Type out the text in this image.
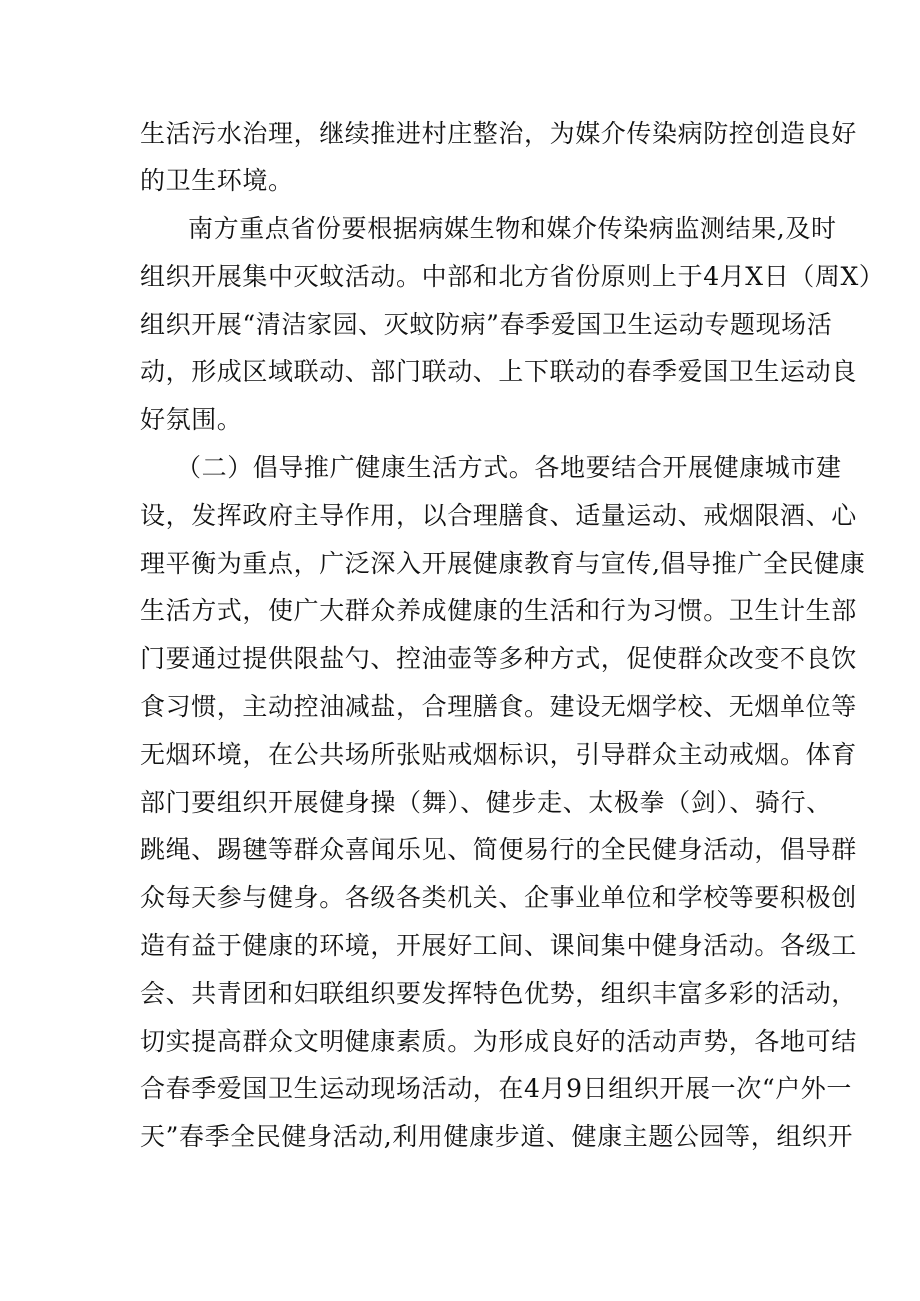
生活污水治理，继续推进村庄整治，为媒介传染病防控创造良好
的卫生环境。
南方重点省份要根据病媒生物和媒介传染病监测结果,及时
组织开展集中灭蚊活动。中部和北方省份原则上于4月X日（周X）
组织开展“清洁家园、灭蚊防病”春季爱国卫生运动专题现场活
动，形成区域联动、部门联动、上下联动的春季爱国卫生运动良
好氛围。
（二）倡导推广健康生活方式。各地要结合开展健康城市建
设，发挥政府主导作用，以合理膳食、适量运动、戒烟限酒、心
理平衡为重点，广泛深入开展健康教育与宣传,倡导推广全民健康
生活方式，使广大群众养成健康的生活和行为习惯。卫生计生部
门要通过提供限盐勺、控油壶等多种方式，促使群众改变不良饮
食习惯，主动控油减盐，合理膳食。建设无烟学校、无烟单位等
无烟环境，在公共场所张贴戒烟标识，引导群众主动戒烟。体育
部门要组织开展健身操（舞）、健步走、太极拳（剑）、骑行、
跳绳、踢毽等群众喜闻乐见、简便易行的全民健身活动，倡导群
众每天参与健身。各级各类机关、企事业单位和学校等要积极创
造有益于健康的环境，开展好工间、课间集中健身活动。各级工
会、共青团和妇联组织要发挥特色优势，组织丰富多彩的活动，
切实提高群众文明健康素质。为形成良好的活动声势，各地可结
合春季爱国卫生运动现场活动，在4月9日组织开展一次“户外一
天”春季全民健身活动,利用健康步道、健康主题公园等，组织开
